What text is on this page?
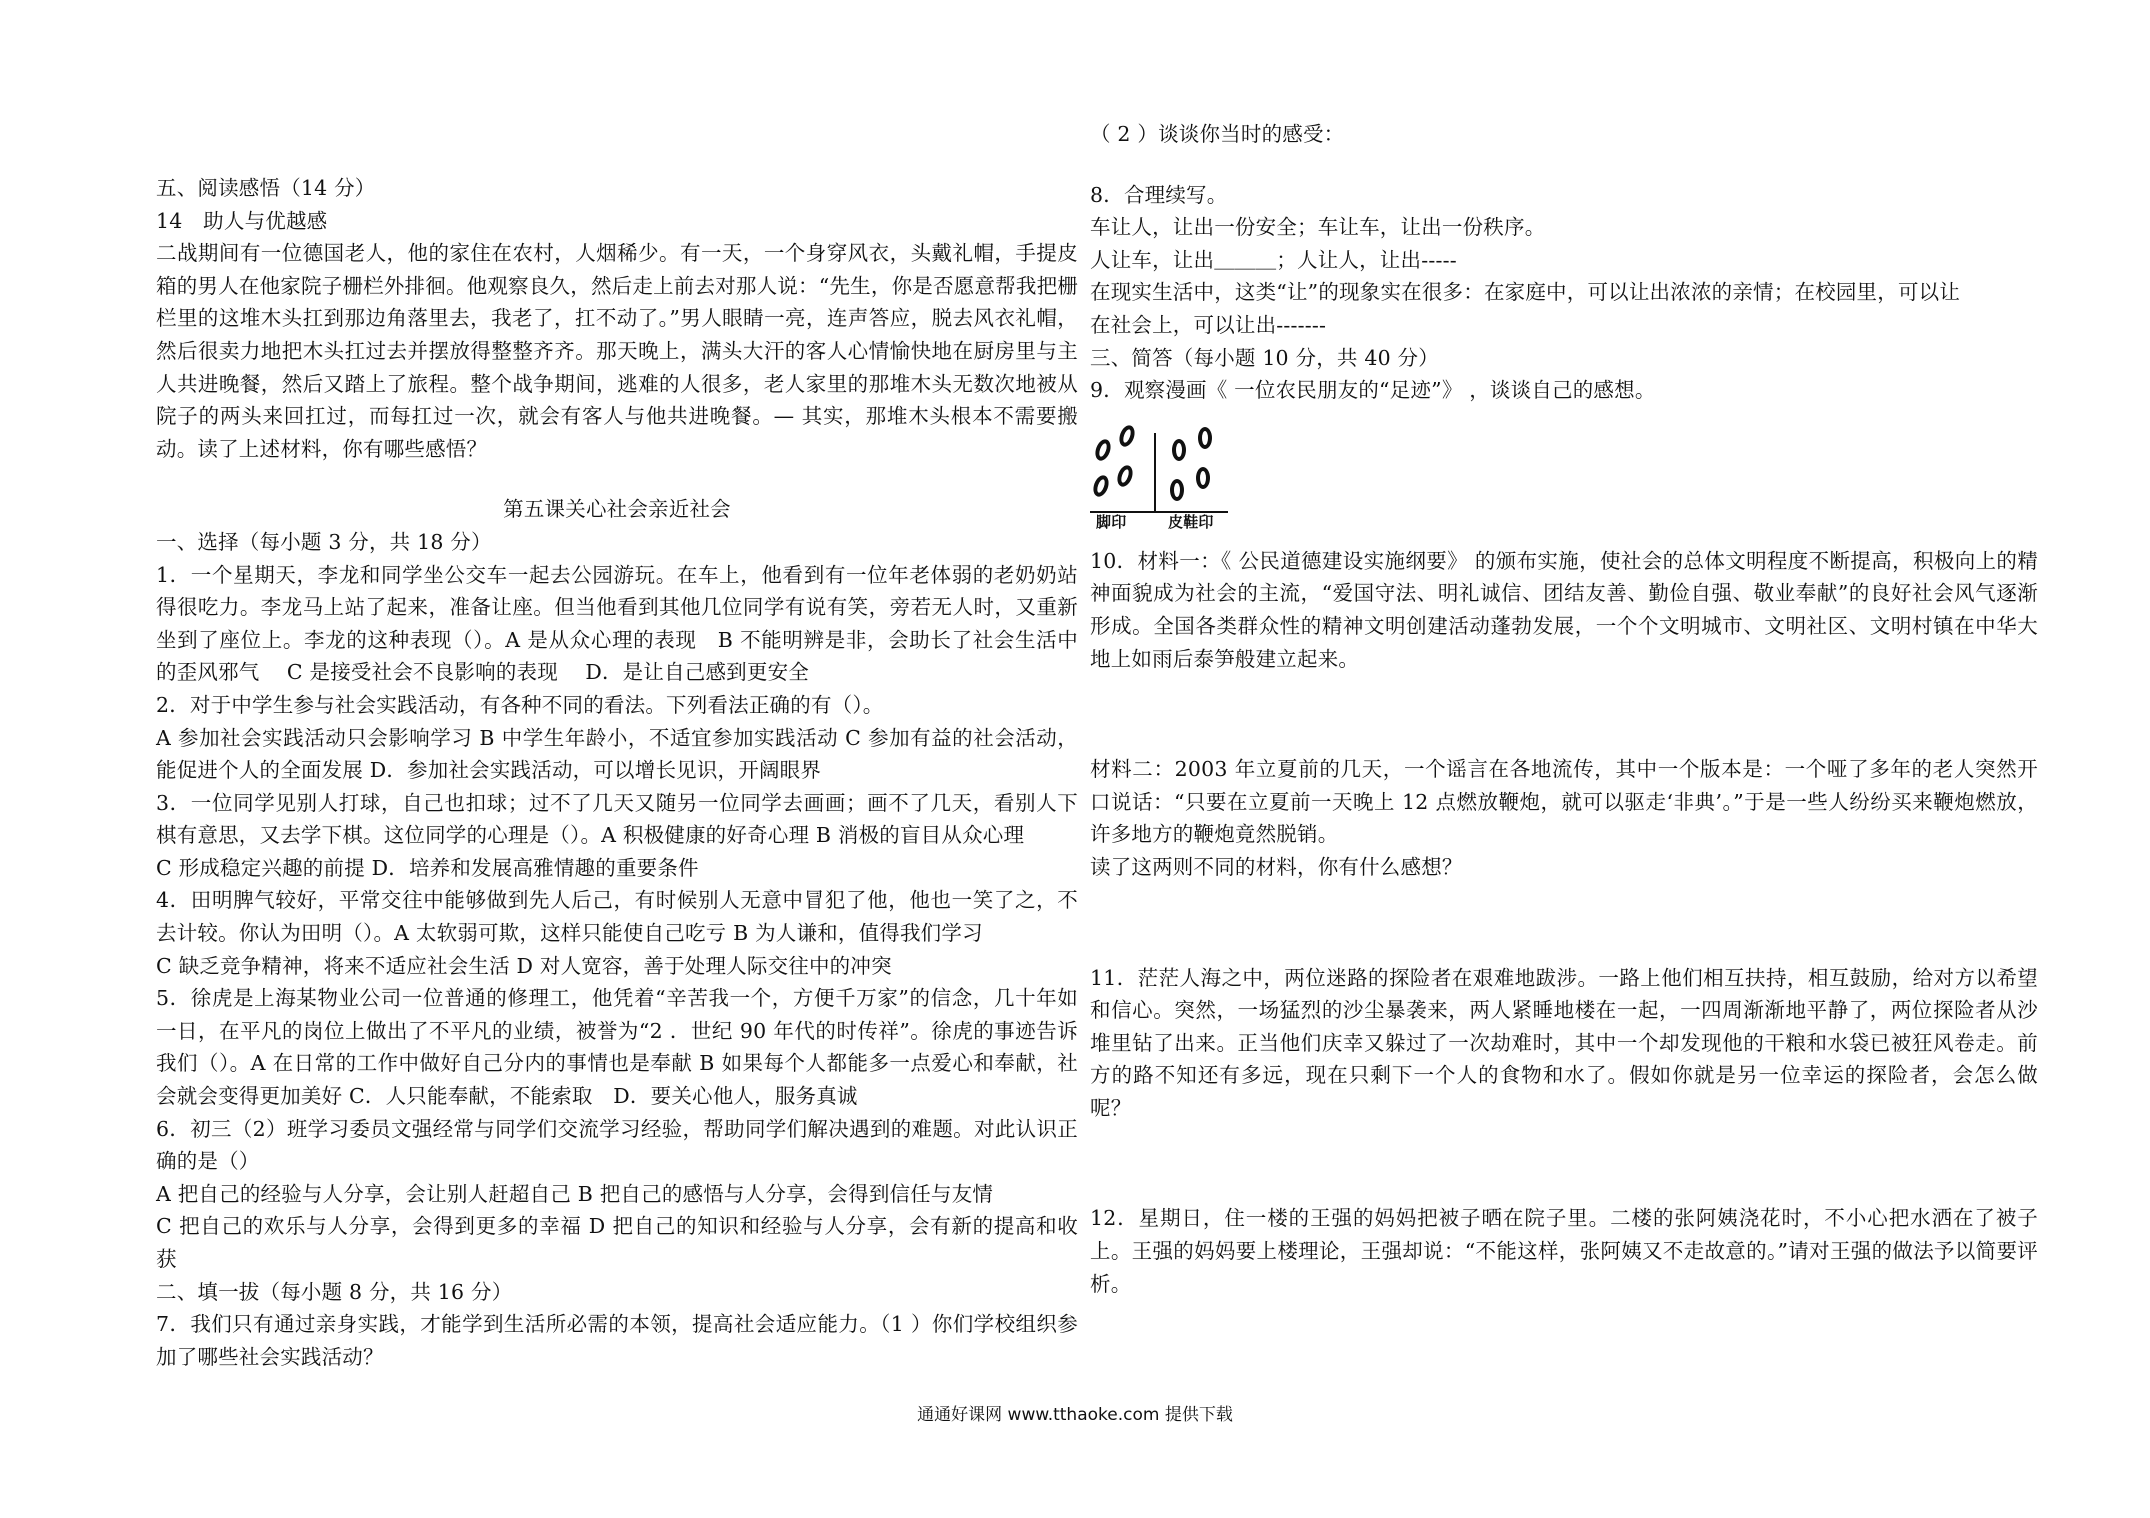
五、阅读感悟（14 分）

14　助人与优越感

二战期间有一位德国老人，他的家住在农村，人烟稀少。有一天，一个身穿风衣，头戴礼帽，手提皮箱的男人在他家院子栅栏外排徊。他观察良久，然后走上前去对那人说：“先生，你是否愿意帮我把栅栏里的这堆木头扛到那边角落里去，我老了，扛不动了。”男人眼睛一亮，连声答应，脱去风衣礼帽，然后很卖力地把木头扛过去并摆放得整整齐齐。那天晚上，满头大汗的客人心情愉快地在厨房里与主人共进晚餐，然后又踏上了旅程。整个战争期间，逃难的人很多，老人家里的那堆木头无数次地被从院子的两头来回扛过，而每扛过一次，就会有客人与他共进晚餐。— 其实，那堆木头根本不需要搬动。读了上述材料，你有哪些感悟？

第五课关心社会亲近社会

一、选择（每小题 3 分，共 18 分）

1．一个星期天，李龙和同学坐公交车一起去公园游玩。在车上，他看到有一位年老体弱的老奶奶站得很吃力。李龙马上站了起来，准备让座。但当他看到其他几位同学有说有笑，旁若无人时，又重新坐到了座位上。李龙的这种表现（）。A 是从众心理的表现　B 不能明辨是非，会助长了社会生活中的歪风邪气　 C 是接受社会不良影响的表现　 D．是让自己感到更安全

2．对于中学生参与社会实践活动，有各种不同的看法。下列看法正确的有（）。

A 参加社会实践活动只会影响学习 B 中学生年龄小，不适宜参加实践活动 C 参加有益的社会活动，能促进个人的全面发展 D．参加社会实践活动，可以增长见识，开阔眼界

3．一位同学见别人打球，自己也扣球；过不了几天又随另一位同学去画画；画不了几天，看别人下棋有意思，又去学下棋。这位同学的心理是（）。A 积极健康的好奇心理 B 消极的盲目从众心理

C 形成稳定兴趣的前提 D．培养和发展高雅情趣的重要条件

4．田明脾气较好，平常交往中能够做到先人后己，有时候别人无意中冒犯了他，他也一笑了之，不去计较。你认为田明（）。A 太软弱可欺，这样只能使自己吃亏 B 为人谦和，值得我们学习

C 缺乏竞争精神，将来不适应社会生活 D 对人宽容，善于处理人际交往中的冲突

5．徐虎是上海某物业公司一位普通的修理工，他凭着“辛苦我一个，方便千万家”的信念，几十年如一日，在平凡的岗位上做出了不平凡的业绩，被誉为“2 ．世纪 90 年代的时传祥”。徐虎的事迹告诉我们（）。A 在日常的工作中做好自己分内的事情也是奉献 B 如果每个人都能多一点爱心和奉献，社会就会变得更加美好 C．人只能奉献，不能索取　D．要关心他人，服务真诚

6．初三（2）班学习委员文强经常与同学们交流学习经验，帮助同学们解决遇到的难题。对此认识正确的是（）

A 把自己的经验与人分享，会让别人赶超自己 B 把自己的感悟与人分享，会得到信任与友情

C 把自己的欢乐与人分享，会得到更多的幸福 D 把自己的知识和经验与人分享，会有新的提高和收获

二、填一拔（每小题 8 分，共 16 分）

7．我们只有通过亲身实践，才能学到生活所必需的本领，提高社会适应能力。（1 ）你们学校组织参加了哪些社会实践活动？

（ 2 ）谈谈你当时的感受：

8．合理续写。

车让人，让出一份安全；车让车，让出一份秩序。

人让车，让出＿＿＿；人让人，让出-----

在现实生活中，这类“让”的现象实在很多：在家庭中，可以让出浓浓的亲情；在校园里，可以让

在社会上，可以让出-------

三、简答（每小题 10 分，共 40 分）

9．观察漫画《 一位农民朋友的“足迹”》 ，谈谈自己的感想。

脚印	皮鞋印

10．材料一：《 公民道德建设实施纲要》 的颁布实施，使社会的总体文明程度不断提高，积极向上的精神面貌成为社会的主流，“爱国守法、明礼诚信、团结友善、勤俭自强、敬业奉献”的良好社会风气逐渐形成。全国各类群众性的精神文明创建活动蓬勃发展，一个个文明城市、文明社区、文明村镇在中华大地上如雨后泰笋般建立起来。

材料二：2003 年立夏前的几天，一个谣言在各地流传，其中一个版本是：一个哑了多年的老人突然开口说话：“只要在立夏前一天晚上 12 点燃放鞭炮，就可以驱走‘非典’。”于是一些人纷纷买来鞭炮燃放，许多地方的鞭炮竟然脱销。

读了这两则不同的材料，你有什么感想？

11．茫茫人海之中，两位迷路的探险者在艰难地跋涉。一路上他们相互扶持，相互鼓励，给对方以希望和信心。突然，一场猛烈的沙尘暴袭来，两人紧睡地楼在一起，一四周渐渐地平静了，两位探险者从沙堆里钻了出来。正当他们庆幸又躲过了一次劫难时，其中一个却发现他的干粮和水袋已被狂风卷走。前方的路不知还有多远，现在只剩下一个人的食物和水了。假如你就是另一位幸运的探险者，会怎么做呢？

12．星期日，住一楼的王强的妈妈把被子晒在院子里。二楼的张阿姨浇花时，不小心把水洒在了被子上。王强的妈妈要上楼理论，王强却说：“不能这样，张阿姨又不走故意的。”请对王强的做法予以简要评析。

通通好课网 www.tthaoke.com 提供下载
